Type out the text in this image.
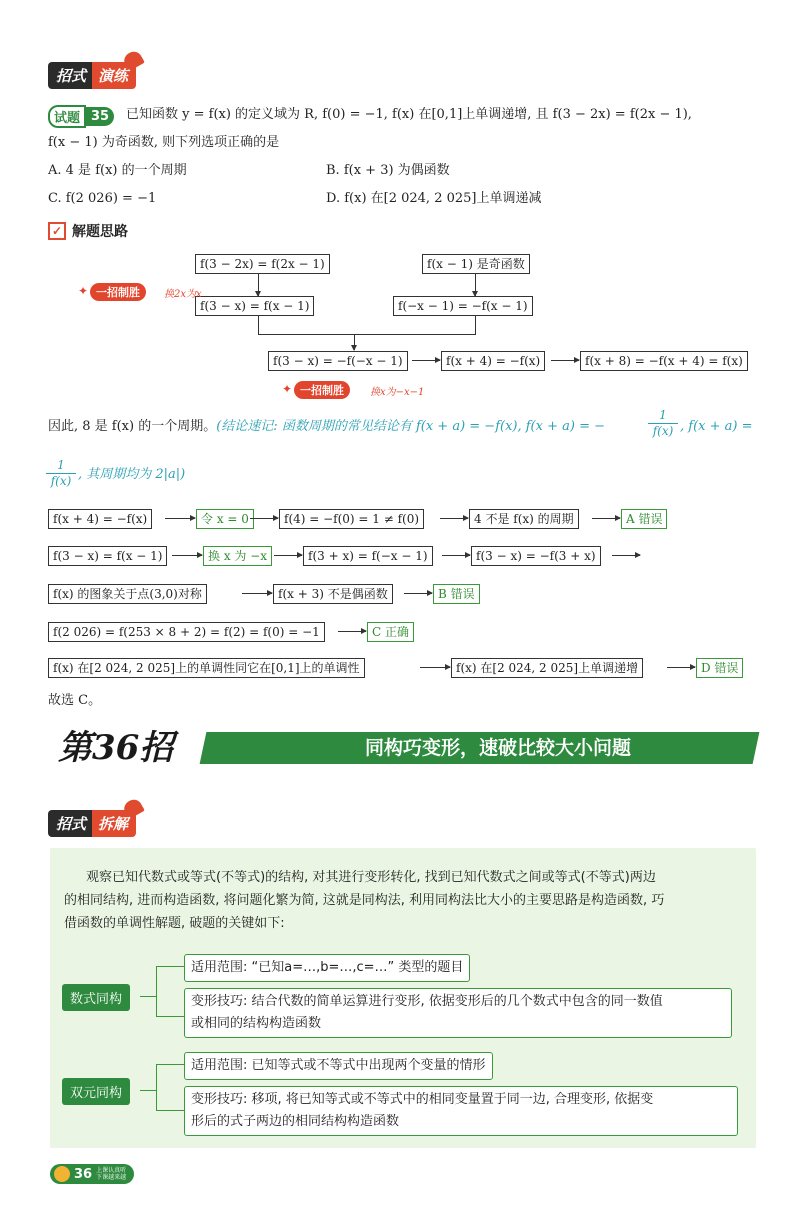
招式 演练
试题 35	已知函数 y = f(x) 的定义域为 R, f(0) = −1, f(x) 在[0,1]上单调递增, 且 f(3 − 2x) = f(2x − 1),
f(x − 1) 为奇函数, 则下列选项正确的是
A. 4 是 f(x) 的一个周期	B. f(x + 3) 为偶函数
C. f(2 026) = −1	D. f(x) 在[2 024, 2 025]上单调递减
✓ 解题思路
f(3 − 2x) = f(2x − 1)
f(3 − x) = f(x − 1)
✦ 一招制胜	换2x为x
f(x − 1) 是奇函数
f(−x − 1) = −f(x − 1)
f(3 − x) = −f(−x − 1)	f(x + 4) = −f(x)	f(x + 8) = −f(x + 4) = f(x)
✦ 一招制胜	换x为−x−1
因此, 8 是 f(x) 的一个周期。(结论速记: 函数周期的常见结论有 f(x + a) = −f(x), f(x + a) = −	$\frac{1}{f(x)}$ , f(x + a) =
$\frac{1}{f(x)}$ , 其周期均为 2|a|)
f(x + 4) = −f(x)	令 x = 0	f(4) = −f(0) = 1 ≠ f(0)	4 不是 f(x) 的周期	A 错误
f(3 − x) = f(x − 1)	换 x 为 −x	f(3 + x) = f(−x − 1)	f(3 − x) = −f(3 + x)
f(x) 的图象关于点(3,0)对称	f(x + 3) 不是偶函数	B 错误
f(2 026) = f(253 × 8 + 2) = f(2) = f(0) = −1	C 正确
f(x) 在[2 024, 2 025]上的单调性同它在[0,1]上的单调性	f(x) 在[2 024, 2 025]上单调递增	D 错误
故选 C。
第36招	同构巧变形，速破比较大小问题
招式 拆解
观察已知代数式或等式(不等式)的结构, 对其进行变形转化, 找到已知代数式之间或等式(不等式)两边
的相同结构, 进而构造函数, 将问题化繁为简, 这就是同构法, 利用同构法比大小的主要思路是构造函数, 巧
借函数的单调性解题, 破题的关键如下:
数式同构
适用范围: “已知a=…,b=…,c=…” 类型的题目
变形技巧: 结合代数的简单运算进行变形, 依据变形后的几个数式中包含的同一数值
或相同的结构构造函数
双元同构
适用范围: 已知等式或不等式中出现两个变量的情形
变形技巧: 移项, 将已知等式或不等式中的相同变量置于同一边, 合理变形, 依据变
形后的式子两边的相同结构构造函数
36 上课认真听
下课越来越
